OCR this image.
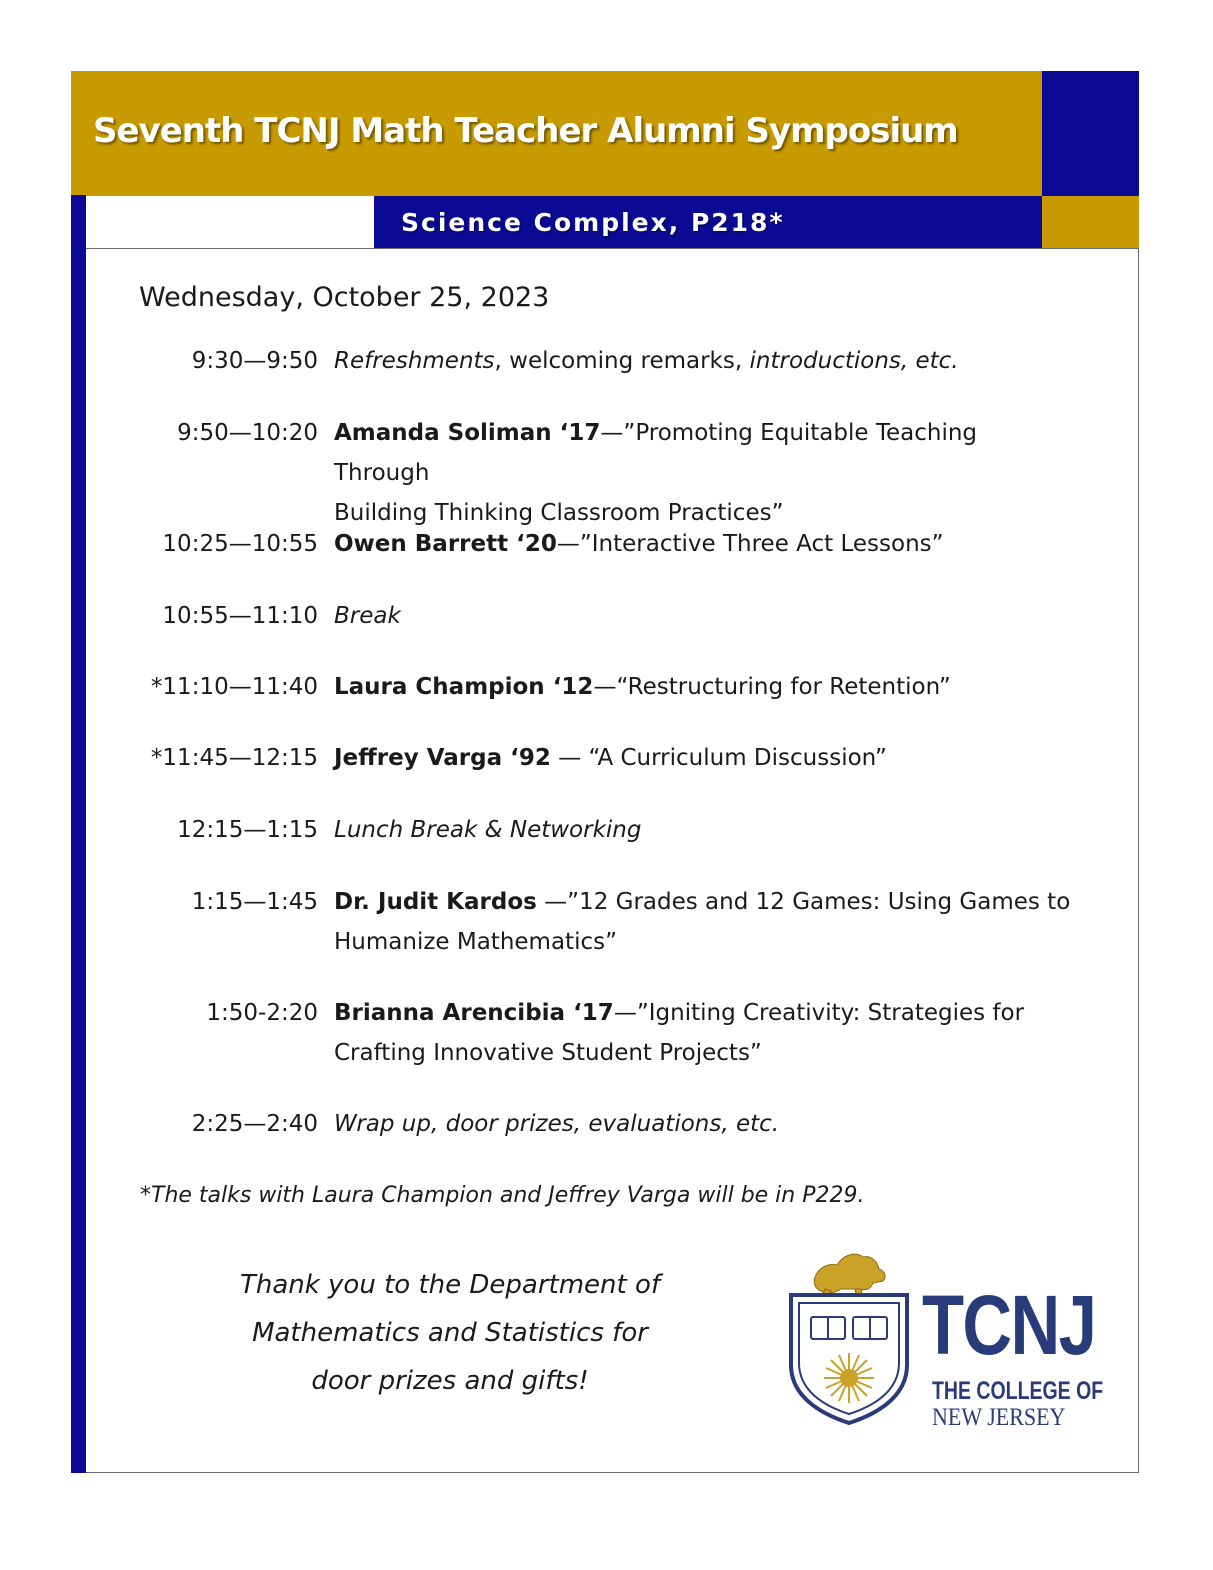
Seventh TCNJ Math Teacher Alumni Symposium
Science Complex, P218*
Wednesday, October 25, 2023
9:30—9:50 Refreshments, welcoming remarks, introductions, etc.
9:50—10:20 Amanda Soliman ‘17—”Promoting Equitable Teaching Through
Building Thinking Classroom Practices”
10:25—10:55 Owen Barrett ‘20—”Interactive Three Act Lessons”
10:55—11:10 Break
*11:10—11:40 Laura Champion ‘12—“Restructuring for Retention”
*11:45—12:15 Jeffrey Varga ‘92 — “A Curriculum Discussion”
12:15—1:15 Lunch Break & Networking
1:15—1:45 Dr. Judit Kardos —”12 Grades and 12 Games: Using Games to
Humanize Mathematics”
1:50-2:20 Brianna Arencibia ‘17—”Igniting Creativity: Strategies for
Crafting Innovative Student Projects”
2:25—2:40 Wrap up, door prizes, evaluations, etc.
*The talks with Laura Champion and Jeffrey Varga will be in P229.
Thank you to the Department of
Mathematics and Statistics for
door prizes and gifts!
TCNJ
THE COLLEGE OF
NEW JERSEY
